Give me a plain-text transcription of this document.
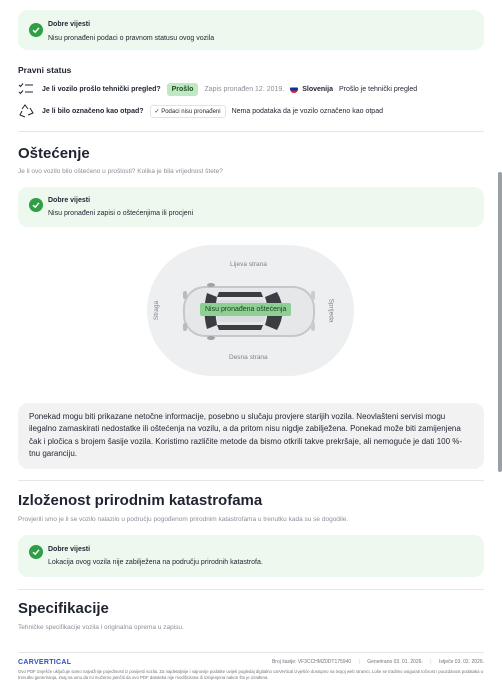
Dobre vijesti
Nisu pronađeni podaci o pravnom statusu ovog vozila
Pravni status
Je li vozilo prošlo tehnički pregled?	Prošlo	Zapis pronađen 12. 2019.	Slovenija Prošlo je tehnički pregled
Je li bilo označeno kao otpad?	✓ Podaci nisu pronađeni	Nema podataka da je vozilo označeno kao otpad
Oštećenje
Je li ovo vozilo bilo oštećeno u prošlosti? Kolika je bila vrijednost štete?
Dobre vijesti
Nisu pronađeni zapisi o oštećenjima ili procjeni
Lijeva strana
Desna strana
Straga	Sprijeda
Nisu pronađena oštećenja
Ponekad mogu biti prikazane netočne informacije, posebno u slučaju provjere starijih vozila. Neovlašteni servisi mogu ilegalno zamaskirati nedostatke ili oštećenja na vozilu, a da pritom nisu nigdje zabilježena. Ponekad može biti zamijenjena čak i pločica s brojem šasije vozila. Koristimo različite metode da bismo otkrili takve prekršaje, ali nemoguće je dati 100 %-tnu garanciju.
Izloženost prirodnim katastrofama
Provjerili smo je li se vozilo nalazilo u području pogođenom prirodnim katastrofama u trenutku kada su se dogodile.
Dobre vijesti
Lokacija ovog vozila nije zabilježena na području prirodnih katastrofa.
Specifikacije
Tehničke specifikacije vozila i originalna oprema u zapisu.
CARVERTICAL	Broj šasije: VF3CCHMZ0DT175940 | Generirano 03. 01. 2026. | Istječe 03. 02. 2026.
Ovo PDF izvješće uključuje samo najvažnije pojedinosti iz povijesti vozila. Za najdetaljnije i najnovije podatke uvijek pogledaj digitalno carVertical izvješće dostupno na tvojoj web stranici. Loše se tradimo osigurati točnost i pouzdanost podataka u trenutku generiranja, imaj na umu da mi možemo jamčiti da ovo PDF datoteka nije modificirana ili izmijenjena nakon što je izrađena.
